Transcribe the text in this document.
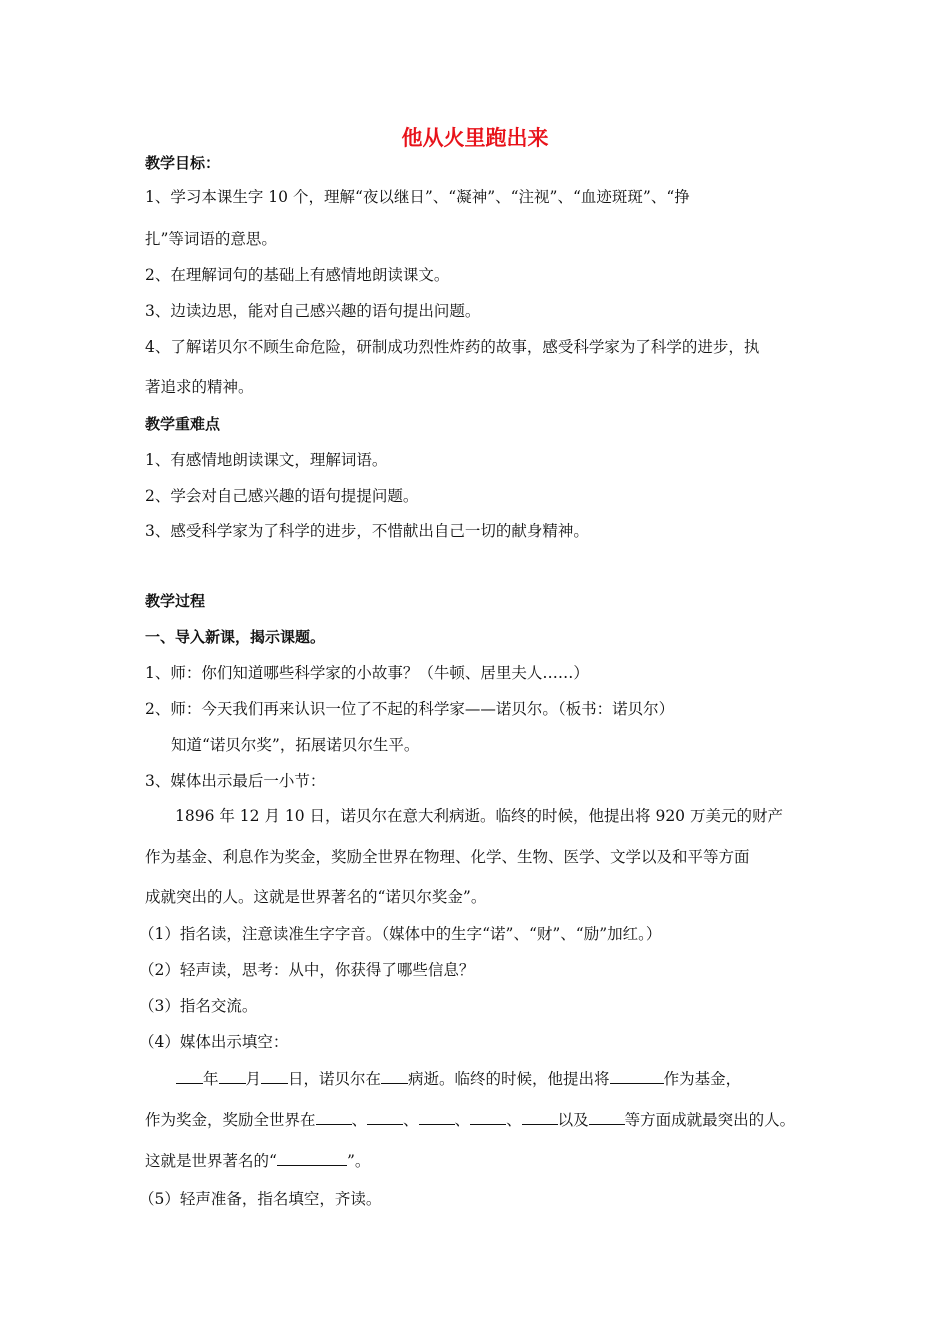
他从火里跑出来
教学目标：
1、学习本课生字 10 个，理解“夜以继日”、“凝神”、“注视”、“血迹斑斑”、“挣
扎”等词语的意思。
2、在理解词句的基础上有感情地朗读课文。
3、边读边思，能对自己感兴趣的语句提出问题。
4、了解诺贝尔不顾生命危险，研制成功烈性炸药的故事，感受科学家为了科学的进步，执
著追求的精神。
教学重难点
1、有感情地朗读课文，理解词语。
2、学会对自己感兴趣的语句提提问题。
3、感受科学家为了科学的进步，不惜献出自己一切的献身精神。
教学过程
一、导入新课，揭示课题。
1、师：你们知道哪些科学家的小故事？（牛顿、居里夫人……）
2、师：今天我们再来认识一位了不起的科学家——诺贝尔。（板书：诺贝尔）
知道“诺贝尔奖”，拓展诺贝尔生平。
3、媒体出示最后一小节：
1896 年 12 月 10 日，诺贝尔在意大利病逝。临终的时候，他提出将 920 万美元的财产
作为基金、利息作为奖金，奖励全世界在物理、化学、生物、医学、文学以及和平等方面
成就突出的人。这就是世界著名的“诺贝尔奖金”。
（1）指名读，注意读准生字字音。（媒体中的生字“诺”、“财”、“励”加红。）
（2）轻声读，思考：从中，你获得了哪些信息？
（3）指名交流。
（4）媒体出示填空：
年 月 日，诺贝尔在 病逝。临终的时候，他提出将	作为基金，
作为奖金，奖励全世界在 、 、 、 、 以及 等方面成就最突出的人。
这就是世界著名的“	”。
（5）轻声准备，指名填空，齐读。
